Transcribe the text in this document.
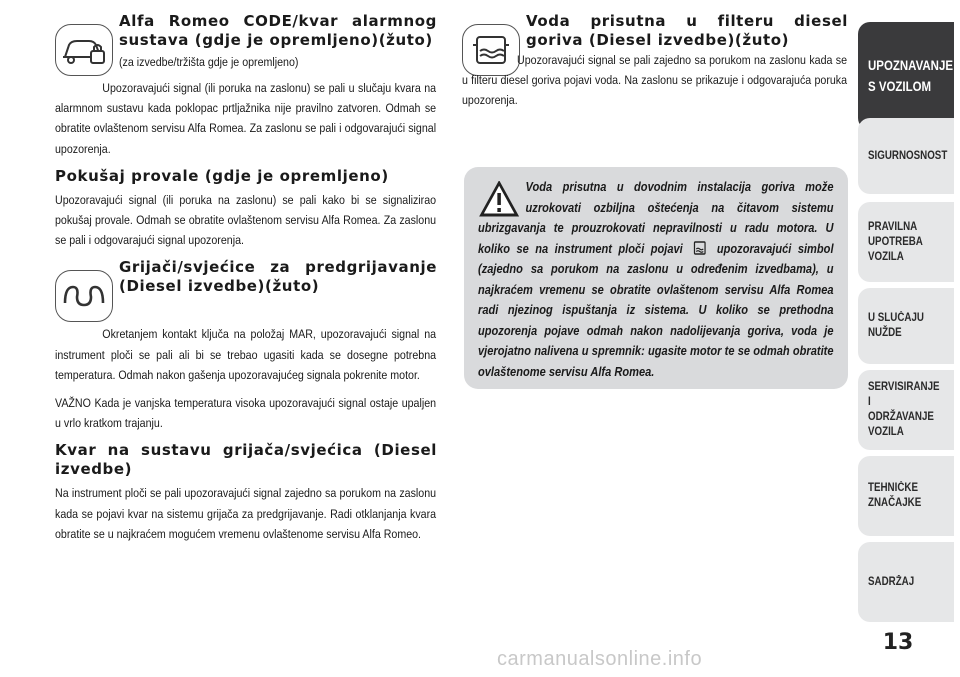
Alfa Romeo CODE/kvar alarmnog sustava (gdje je opremljeno)(žuto)
(za izvedbe/tržišta gdje je opremljeno)

Upozoravajući signal (ili poruka na zaslonu) se pali u slučaju kvara na alarmnom sustavu kada poklopac prtljažnika nije pravilno zatvoren. Odmah se obratite ovlaštenom servisu Alfa Romea. Za zaslonu se pali i odgovarajući signal upozorenja.

Pokušaj provale (gdje je opremljeno)

Upozoravajući signal (ili poruka na zaslonu) se pali kako bi se signalizirao pokušaj provale. Odmah se obratite ovlaštenom servisu Alfa Romea. Za zaslonu se pali i odgovarajući signal upozorenja.

Grijači/svjećice za predgrijavanje (Diesel izvedbe)(žuto)

Okretanjem kontakt ključa na položaj MAR, upozoravajući signal na instrument ploči se pali ali bi se trebao ugasiti kada se dosegne potrebna temperatura. Odmah nakon gašenja upozoravajućeg signala pokrenite motor.

VAŽNO Kada je vanjska temperatura visoka upozoravajući signal ostaje upaljen u vrlo kratkom trajanju.

Kvar na sustavu grijača/svjećica (Diesel izvedbe)

Na instrument ploči se pali upozoravajući signal zajedno sa porukom na zaslonu kada se pojavi kvar na sistemu grijača za predgrijavanje. Radi otklanjanja kvara obratite se u najkraćem mogućem vremenu ovlaštenome servisu Alfa Romeo.

Voda prisutna u filteru diesel goriva (Diesel izvedbe)(žuto)

Upozoravajući signal se pali zajedno sa porukom na zaslonu kada se u filteru diesel goriva pojavi voda. Na zaslonu se prikazuje i odgovarajuća poruka upozorenja.

Voda prisutna u dovodnim instalacija goriva može uzrokovati ozbiljna oštećenja na čitavom sistemu ubrizgavanja te prouzrokovati nepravilnosti u radu motora. U koliko se na instrument ploči pojavi	upozoravajući simbol (zajedno sa porukom na zaslonu u određenim izvedbama), u najkraćem vremenu se obratite ovlaštenom servisu Alfa Romea radi njezinog ispuštanja iz sistema. U koliko se prethodna upozorenja pojave odmah nakon nadolijevanja goriva, voda je vjerojatno nalivena u spremnik: ugasite motor te se odmah obratite ovlaštenome servisu Alfa Romea.
UPOZNAVANJE
S VOZILOM
SIGURNOSNOST
PRAVILNA
UPOTREBA
VOZILA
U SLUČAJU
NUŽDE
SERVISIRANJE I
ODRŽAVANJE
VOZILA
TEHNIČKE
ZNAČAJKE
SADRŽAJ
13
carmanualsonline.info
